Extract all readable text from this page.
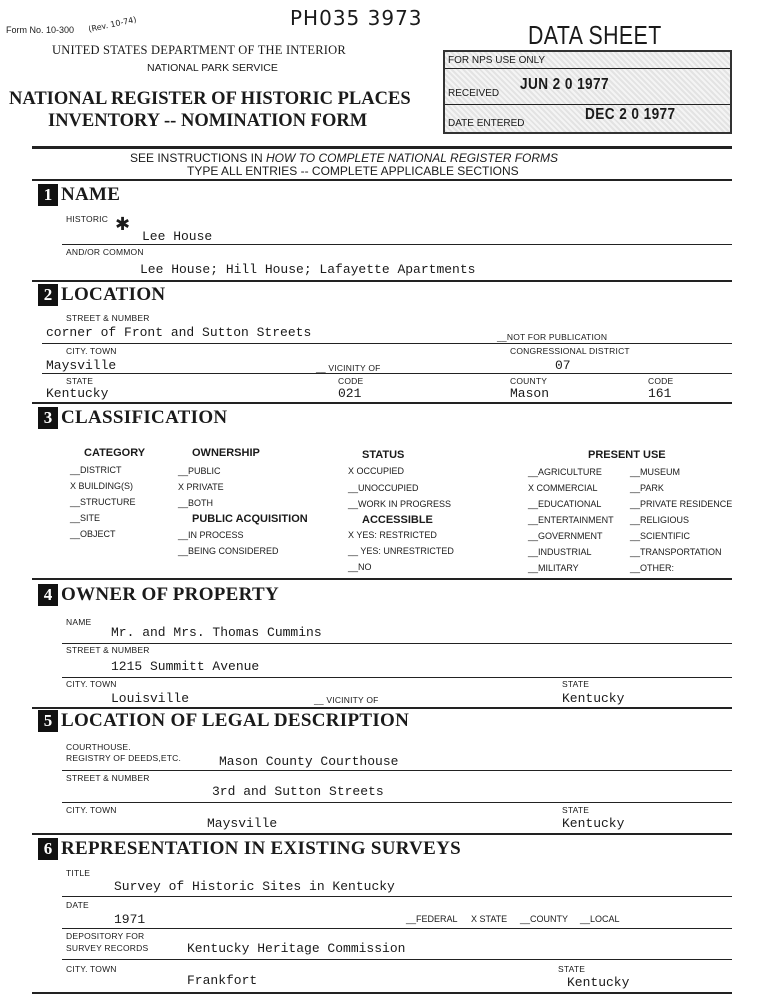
Form No. 10-300 (Rev. 10-74)	PH035 3973
DATA SHEET
UNITED STATES DEPARTMENT OF THE INTERIOR
NATIONAL PARK SERVICE
NATIONAL REGISTER OF HISTORIC PLACES
INVENTORY -- NOMINATION FORM
FOR NPS USE ONLY
RECEIVED
JUN 2 0 1977
DATE ENTERED
DEC 2 0 1977
SEE INSTRUCTIONS IN HOW TO COMPLETE NATIONAL REGISTER FORMS
TYPE ALL ENTRIES -- COMPLETE APPLICABLE SECTIONS
1 NAME
HISTORIC ✱
Lee House
AND/OR COMMON
Lee House; Hill House; Lafayette Apartments
2 LOCATION
STREET & NUMBER
corner of Front and Sutton Streets	__NOT FOR PUBLICATION
CITY. TOWN	CONGRESSIONAL DISTRICT
Maysville	__ VICINITY OF	07
STATE	CODE	COUNTY	CODE
Kentucky	021	Mason	161
3 CLASSIFICATION
CATEGORY
__DISTRICT
X BUILDING(S)
__STRUCTURE
__SITE
__OBJECT
OWNERSHIP
__PUBLIC
X PRIVATE
__BOTH
PUBLIC ACQUISITION
__IN PROCESS
__BEING CONSIDERED
STATUS
X OCCUPIED
__UNOCCUPIED
__WORK IN PROGRESS
ACCESSIBLE
X YES: RESTRICTED
__ YES: UNRESTRICTED
__NO
PRESENT USE
__AGRICULTURE
X COMMERCIAL
__EDUCATIONAL
__ENTERTAINMENT
__GOVERNMENT
__INDUSTRIAL
__MILITARY
__MUSEUM
__PARK
__PRIVATE RESIDENCE
__RELIGIOUS
__SCIENTIFIC
__TRANSPORTATION
__OTHER:
4 OWNER OF PROPERTY
NAME
Mr. and Mrs. Thomas Cummins
STREET & NUMBER
1215 Summitt Avenue
CITY. TOWN	STATE
Louisville	__ VICINITY OF	Kentucky
5 LOCATION OF LEGAL DESCRIPTION
COURTHOUSE.
REGISTRY OF DEEDS,ETC.	Mason County Courthouse
STREET & NUMBER
3rd and Sutton Streets
CITY. TOWN	STATE
Maysville	Kentucky
6 REPRESENTATION IN EXISTING SURVEYS
TITLE
Survey of Historic Sites in Kentucky
DATE
1971	__FEDERAL X STATE __COUNTY __LOCAL
DEPOSITORY FOR
SURVEY RECORDS	Kentucky Heritage Commission
CITY. TOWN	STATE
Frankfort	Kentucky
